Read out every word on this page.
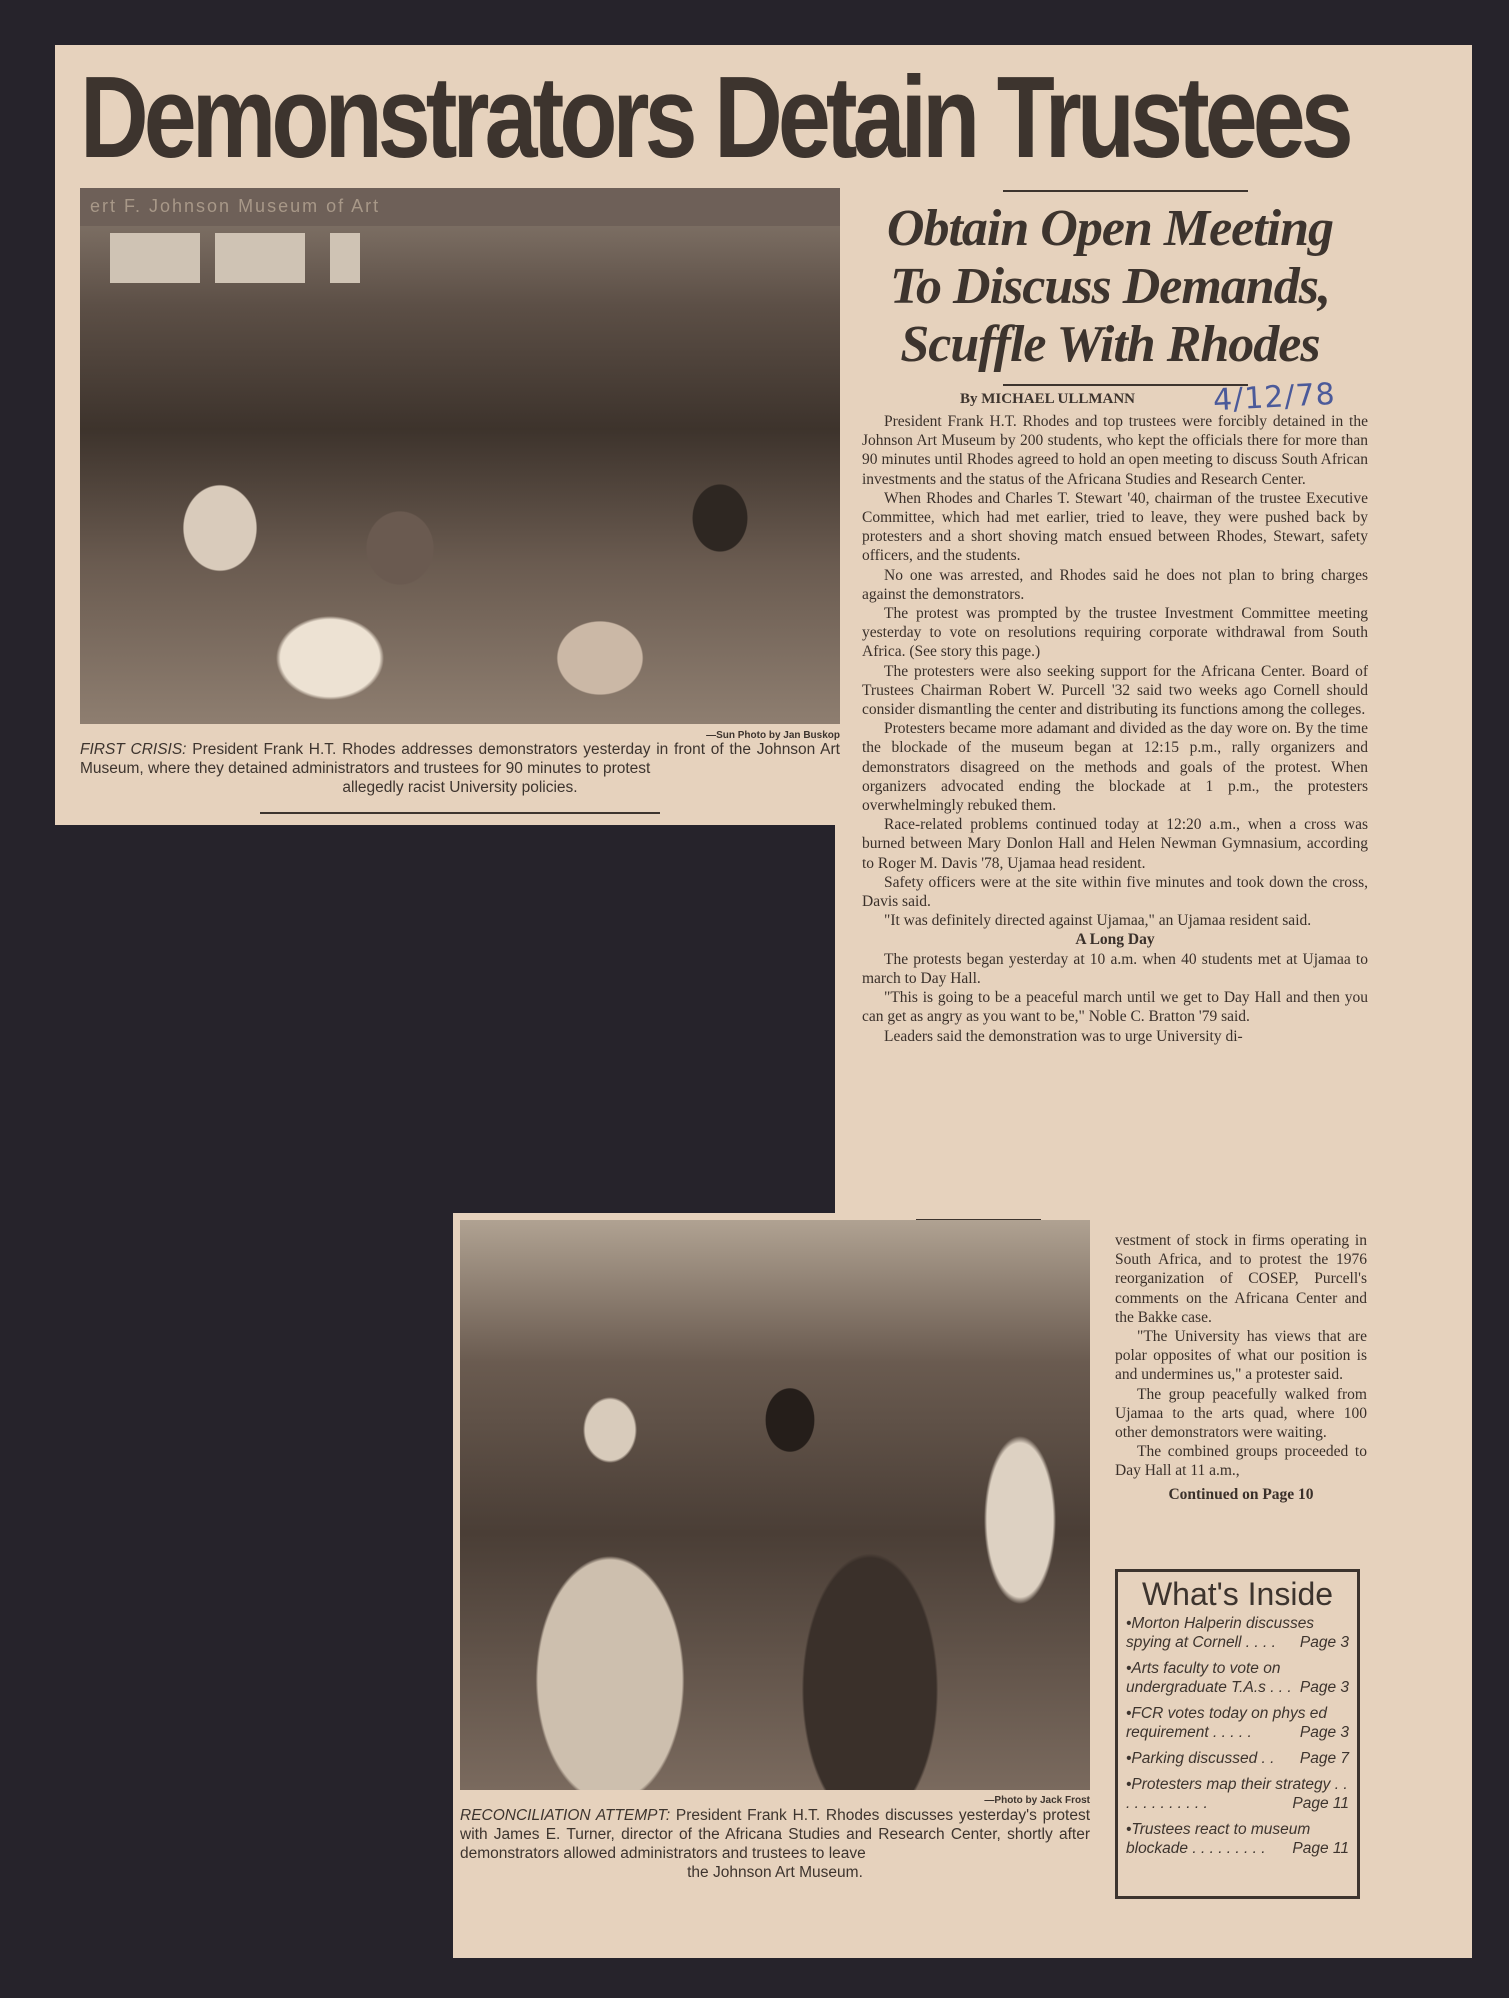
Demonstrators Detain Trustees
ert F. Johnson Museum of Art
—Sun Photo by Jan Buskop
FIRST CRISIS: President Frank H.T. Rhodes addresses demonstrators yesterday in front of the Johnson Art Museum, where they detained administrators and trustees for 90 minutes to protest
allegedly racist University policies.
Obtain Open Meeting
To Discuss Demands,
Scuffle With Rhodes
By MICHAEL ULLMANN	4/12/78

President Frank H.T. Rhodes and top trustees were forcibly detained in the Johnson Art Museum by 200 students, who kept the officials there for more than 90 minutes until Rhodes agreed to hold an open meeting to discuss South African investments and the status of the Africana Studies and Research Center.

When Rhodes and Charles T. Stewart '40, chairman of the trustee Executive Committee, which had met earlier, tried to leave, they were pushed back by protesters and a short shoving match ensued between Rhodes, Stewart, safety officers, and the students.

No one was arrested, and Rhodes said he does not plan to bring charges against the demonstrators.

The protest was prompted by the trustee Investment Committee meeting yesterday to vote on resolutions requiring corporate withdrawal from South Africa. (See story this page.)

The protesters were also seeking support for the Africana Center. Board of Trustees Chairman Robert W. Purcell '32 said two weeks ago Cornell should consider dismantling the center and distributing its functions among the colleges.

Protesters became more adamant and divided as the day wore on. By the time the blockade of the museum began at 12:15 p.m., rally organizers and demonstrators disagreed on the methods and goals of the protest. When organizers advocated ending the blockade at 1 p.m., the protesters overwhelmingly rebuked them.

Race-related problems continued today at 12:20 a.m., when a cross was burned between Mary Donlon Hall and Helen Newman Gymnasium, according to Roger M. Davis '78, Ujamaa head resident.

Safety officers were at the site within five minutes and took down the cross, Davis said.

"It was definitely directed against Ujamaa," an Ujamaa resident said.

A Long Day

The protests began yesterday at 10 a.m. when 40 students met at Ujamaa to march to Day Hall.

"This is going to be a peaceful march until we get to Day Hall and then you can get as angry as you want to be," Noble C. Bratton '79 said.

Leaders said the demonstration was to urge University di-

vestment of stock in firms operating in South Africa, and to protest the 1976 reorganization of COSEP, Purcell's comments on the Africana Center and the Bakke case.

"The University has views that are polar opposites of what our position is and undermines us," a protester said.

The group peacefully walked from Ujamaa to the arts quad, where 100 other demonstrators were waiting.

The combined groups proceeded to Day Hall at 11 a.m.,

Continued on Page 10

—Photo by Jack Frost
RECONCILIATION ATTEMPT: President Frank H.T. Rhodes discusses yesterday's protest with James E. Turner, director of the Africana Studies and Research Center, shortly after demonstrators allowed administrators and trustees to leave
the Johnson Art Museum.
What's Inside
•Morton Halperin discusses spying at Cornell . . . . Page 3
•Arts faculty to vote on undergraduate T.A.s . . . Page 3
•FCR votes today on phys ed requirement . . . . .	Page 3
•Parking discussed . . Page 7
•Protesters map their strategy . . . . . . . . . . . .	Page 11
•Trustees react to museum blockade . . . . . . . . . Page 11
